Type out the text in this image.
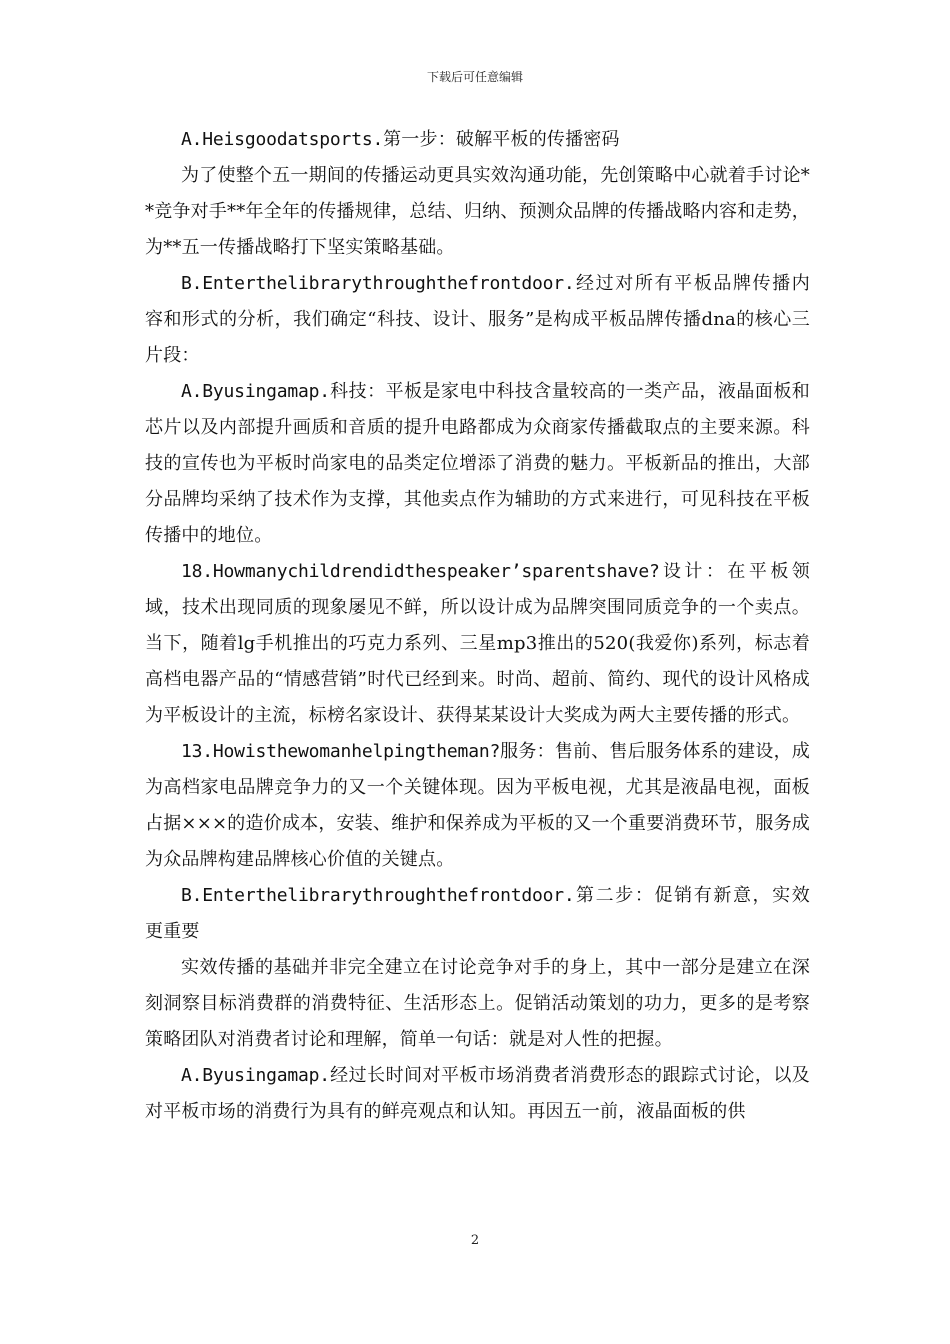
下载后可任意编辑

A.Heisgoodatsports.第一步：破解平板的传播密码

为了使整个五一期间的传播运动更具实效沟通功能，先创策略中心就着手讨论**竞争对手**年全年的传播规律，总结、归纳、预测众品牌的传播战略内容和走势，为**五一传播战略打下坚实策略基础。

B.Enterthelibrarythroughthefrontdoor.经过对所有平板品牌传播内容和形式的分析，我们确定“科技、设计、服务”是构成平板品牌传播dna的核心三片段：

A.Byusingamap.科技：平板是家电中科技含量较高的一类产品，液晶面板和芯片以及内部提升画质和音质的提升电路都成为众商家传播截取点的主要来源。科技的宣传也为平板时尚家电的品类定位增添了消费的魅力。平板新品的推出，大部分品牌均采纳了技术作为支撑，其他卖点作为辅助的方式来进行，可见科技在平板传播中的地位。

18.Howmanychildrendidthespeaker’sparentshave?设计：在平板领域，技术出现同质的现象屡见不鲜，所以设计成为品牌突围同质竞争的一个卖点。当下，随着lg手机推出的巧克力系列、三星mp3推出的520(我爱你)系列，标志着高档电器产品的“情感营销”时代已经到来。时尚、超前、简约、现代的设计风格成为平板设计的主流，标榜名家设计、获得某某设计大奖成为两大主要传播的形式。

13.Howisthewomanhelpingtheman?服务：售前、售后服务体系的建设，成为高档家电品牌竞争力的又一个关键体现。因为平板电视，尤其是液晶电视，面板占据×××的造价成本，安装、维护和保养成为平板的又一个重要消费环节，服务成为众品牌构建品牌核心价值的关键点。

B.Enterthelibrarythroughthefrontdoor.第二步：促销有新意，实效更重要

实效传播的基础并非完全建立在讨论竞争对手的身上，其中一部分是建立在深刻洞察目标消费群的消费特征、生活形态上。促销活动策划的功力，更多的是考察策略团队对消费者讨论和理解，简单一句话：就是对人性的把握。

A.Byusingamap.经过长时间对平板市场消费者消费形态的跟踪式讨论，以及对平板市场的消费行为具有的鲜亮观点和认知。再因五一前，液晶面板的供

2
